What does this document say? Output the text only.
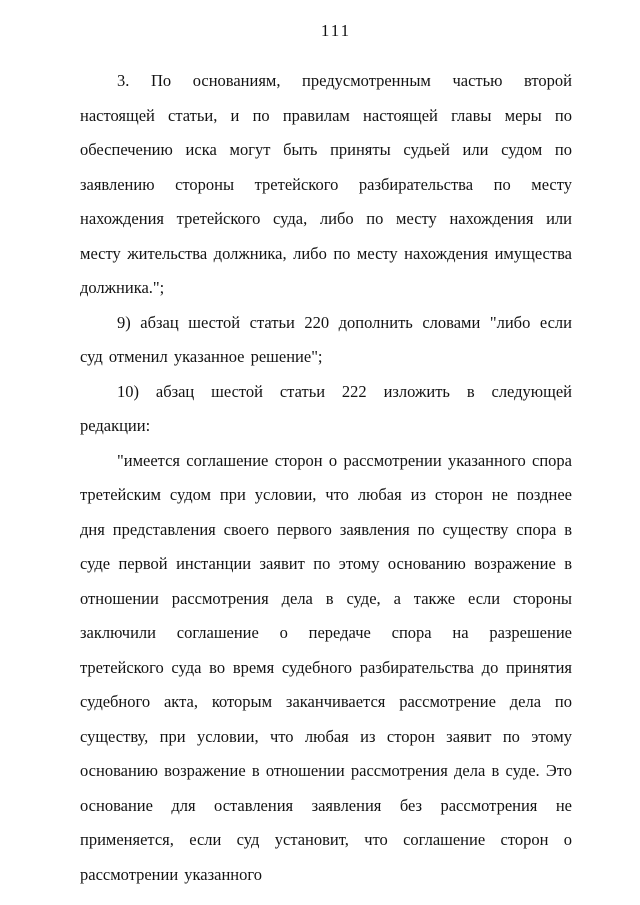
111

3. По основаниям, предусмотренным частью второй настоящей статьи, и по правилам настоящей главы меры по обеспечению иска могут быть приняты судьей или судом по заявлению стороны третейского разбирательства по месту нахождения третейского суда, либо по месту нахождения или месту жительства должника, либо по месту нахождения имущества должника.";

9) абзац шестой статьи 220 дополнить словами "либо если суд отменил указанное решение";

10) абзац шестой статьи 222 изложить в следующей редакции:

"имеется соглашение сторон о рассмотрении указанного спора третейским судом при условии, что любая из сторон не позднее дня представления своего первого заявления по существу спора в суде первой инстанции заявит по этому основанию возражение в отношении рассмотрения дела в суде, а также если стороны заключили соглашение о передаче спора на разрешение третейского суда во время судебного разбирательства до принятия судебного акта, которым заканчивается рассмотрение дела по существу, при условии, что любая из сторон заявит по этому основанию возражение в отношении рассмотрения дела в суде. Это основание для оставления заявления без рассмотрения не применяется, если суд установит, что соглашение сторон о рассмотрении указанного
